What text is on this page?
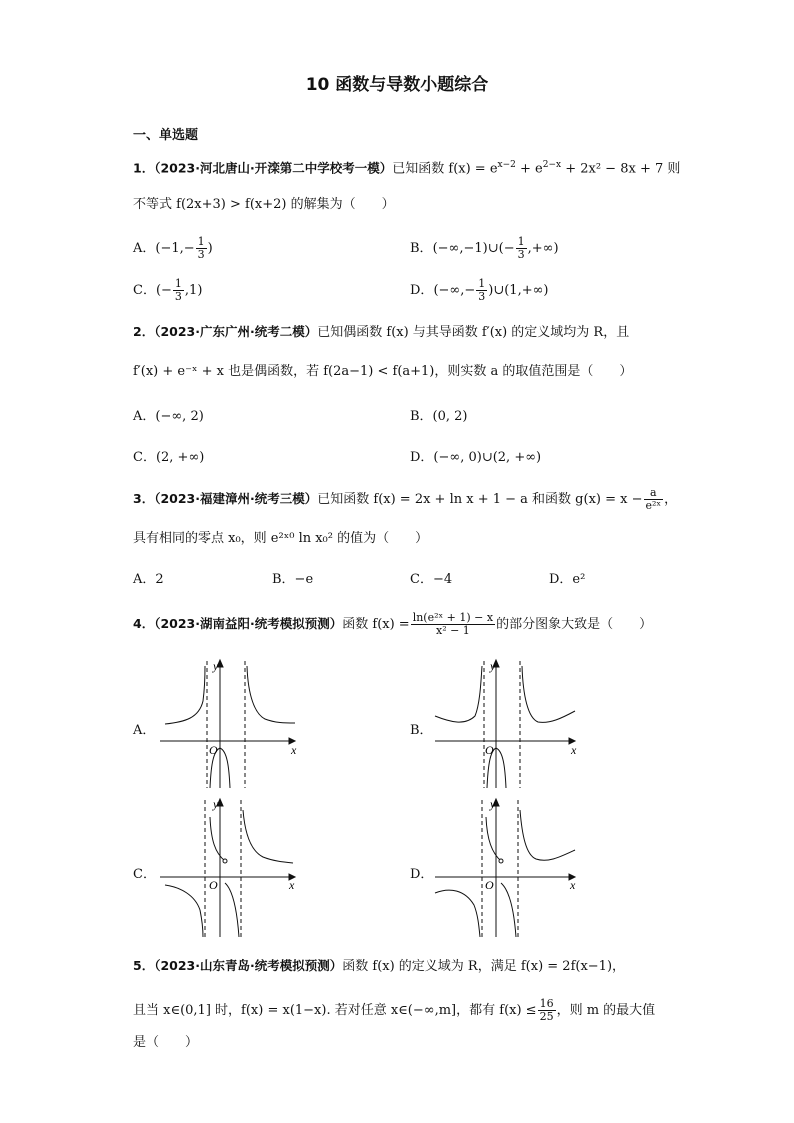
10 函数与导数小题综合
一、单选题
1．（2023·河北唐山·开滦第二中学校考一模）已知函数 $f(x) = e^{x-2} + e^{2-x} + 2x^2 - 8x + 7$ 则
不等式 f(2x+3) > f(x+2) 的解集为（　　）
A．($-1,- \frac{1}{3}$ )	B．(−∞,−1)∪(− $\frac{1}{3}$ ,+∞)
C．(− $\frac{1}{3} ,1$)	D．(−∞,− $\frac{1}{3}$ )∪(1,+∞)
2．（2023·广东广州·统考二模）已知偶函数 f(x) 与其导函数 f′(x) 的定义域均为 R，且
f′(x) + e⁻ˣ + x 也是偶函数，若 f(2a−1) < f(a+1)，则实数 a 的取值范围是（　　）
A．(−∞, 2)	B．(0, 2)
C．(2, +∞)	D．(−∞, 0)∪(2, +∞)
3．（2023·福建漳州·统考三模）已知函数 f(x) = 2x + ln x + 1 − a 和函数 $g(x) = x - \frac{a}{\text{e²ˣ}}$ ，
具有相同的零点 x₀，则 e²ˣ⁰ ln x₀² 的值为（　　）
A．2	B．−e	C．−4	D．e²
4．（2023·湖南益阳·统考模拟预测）函数 $f(x) = \frac{\text{ln(e²ˣ + 1) − x}}{\text{x² − 1}}$ 的部分图象大致是（　　）
A．
y
x
O
B．
y
x
O
C．
y
x
O
D．
y
x
O
5．（2023·山东青岛·统考模拟预测）函数 f(x) 的定义域为 R，满足 f(x) = 2f(x−1)，
且当 x∈(0,1] 时，f(x) = x(1−x). 若对任意 x∈(−∞,m]，都有 $f(x) \le \frac{16}{25}$ ，则 m 的最大值
是（　　）
